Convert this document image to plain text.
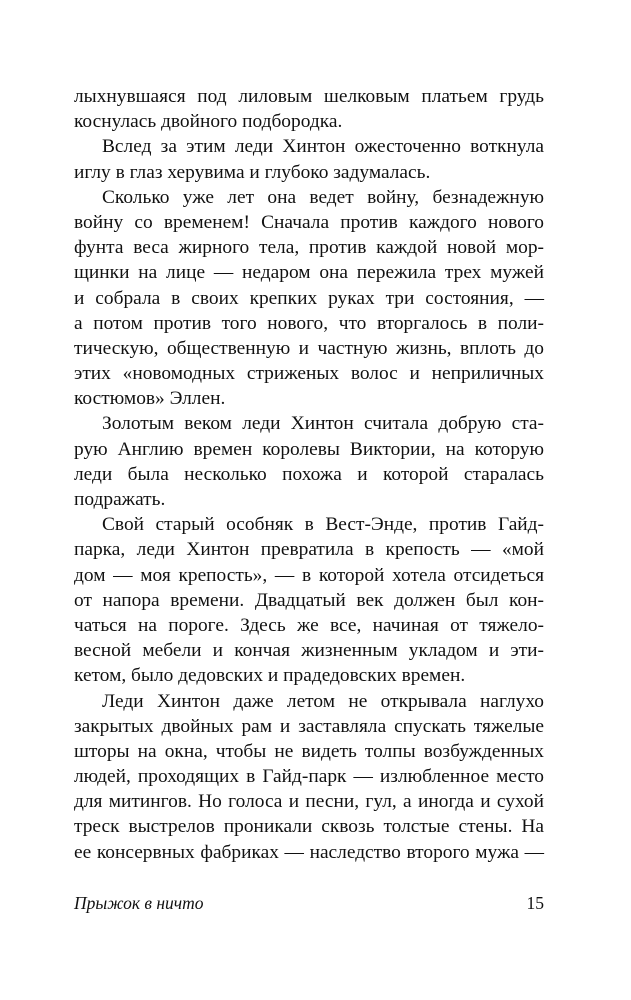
лыхнувшаяся под лиловым шелковым платьем грудь
коснулась двойного подбородка.
Вслед за этим леди Хинтон ожесточенно воткнула
иглу в глаз херувима и глубоко задумалась.
Сколько уже лет она ведет войну, безнадежную
войну со временем! Сначала против каждого нового
фунта веса жирного тела, против каждой новой мор-
щинки на лице — недаром она пережила трех мужей
и собрала в своих крепких руках три состояния, —
а потом против того нового, что вторгалось в поли-
тическую, общественную и частную жизнь, вплоть до
этих «новомодных стриженых волос и неприличных
костюмов» Эллен.
Золотым веком леди Хинтон считала добрую ста-
рую Англию времен королевы Виктории, на которую
леди была несколько похожа и которой старалась
подражать.
Свой старый особняк в Вест-Энде, против Гайд-
парка, леди Хинтон превратила в крепость — «мой
дом — моя крепость», — в которой хотела отсидеться
от напора времени. Двадцатый век должен был кон-
чаться на пороге. Здесь же все, начиная от тяжело-
весной мебели и кончая жизненным укладом и эти-
кетом, было дедовских и прадедовских времен.
Леди Хинтон даже летом не открывала наглухо
закрытых двойных рам и заставляла спускать тяжелые
шторы на окна, чтобы не видеть толпы возбужденных
людей, проходящих в Гайд-парк — излюбленное место
для митингов. Но голоса и песни, гул, а иногда и сухой
треск выстрелов проникали сквозь толстые стены. На
ее консервных фабриках — наследство второго мужа —
Прыжок в ничто	15
